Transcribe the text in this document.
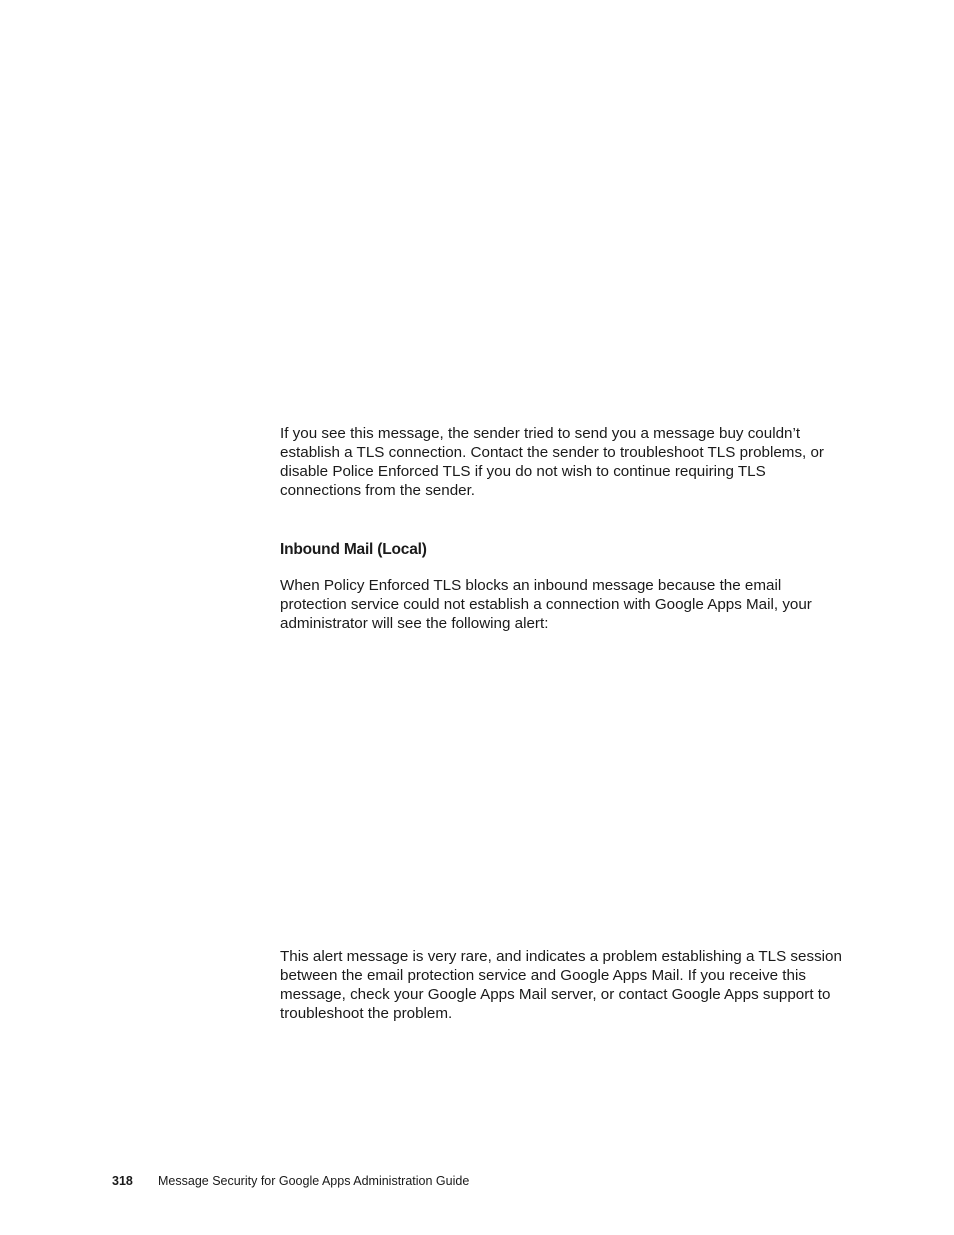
If you see this message, the sender tried to send you a message buy couldn’t establish a TLS connection. Contact the sender to troubleshoot TLS problems, or disable Police Enforced TLS if you do not wish to continue requiring TLS connections from the sender.

Inbound Mail (Local)

When Policy Enforced TLS blocks an inbound message because the email protection service could not establish a connection with Google Apps Mail, your administrator will see the following alert:

This alert message is very rare, and indicates a problem establishing a TLS session between the email protection service and Google Apps Mail. If you receive this message, check your Google Apps Mail server, or contact Google Apps support to troubleshoot the problem.

318 Message Security for Google Apps Administration Guide
